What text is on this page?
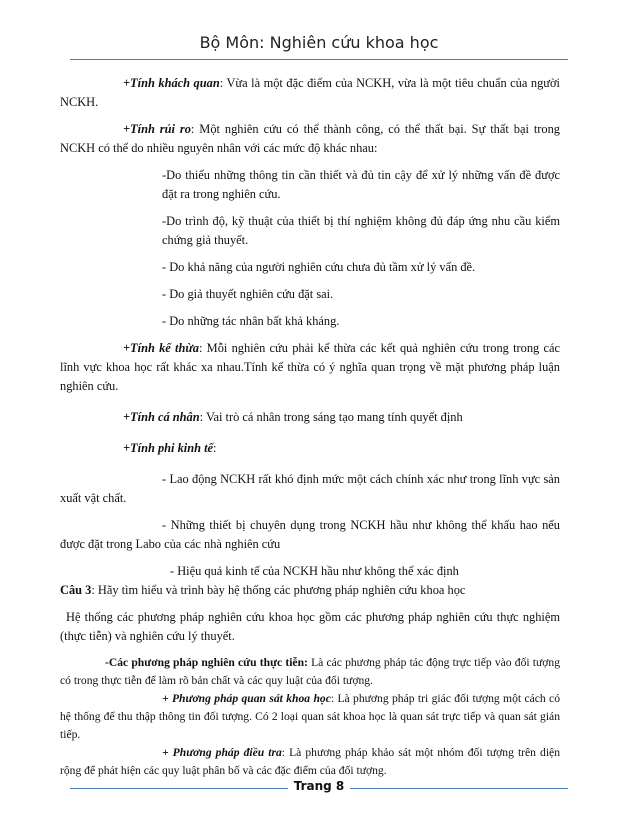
Bộ Môn: Nghiên cứu khoa học

+Tính khách quan: Vừa là một đặc điểm của NCKH, vừa là một tiêu chuẩn của người NCKH.

+Tính rủi ro: Một nghiên cứu có thể thành công, có thể thất bại. Sự thất bại trong NCKH có thể do nhiều nguyên nhân với các mức độ khác nhau:

-Do thiếu những thông tin cần thiết và đủ tin cậy để xử lý những vấn đề được đặt ra trong nghiên cứu.

-Do trình độ, kỹ thuật của thiết bị thí nghiệm không đủ đáp ứng nhu cầu kiểm chứng giả thuyết.

- Do khả năng của người nghiên cứu chưa đủ tầm xử lý vấn đề.

- Do giả thuyết nghiên cứu đặt sai.

- Do những tác nhân bất khả kháng.

+Tính kế thừa: Mỗi nghiên cứu phải kế thừa các kết quả nghiên cứu trong trong các lĩnh vực khoa học rất khác xa nhau.Tính kế thừa có ý nghĩa quan trọng về mặt phương pháp luận nghiên cứu.

+Tính cá nhân: Vai trò cá nhân trong sáng tạo mang tính quyết định

+Tính phi kinh tế:

- Lao động NCKH rất khó định mức một cách chính xác như trong lĩnh vực sản xuất vật chất.

- Những thiết bị chuyên dụng trong NCKH hầu như không thể khấu hao nếu được đặt trong Labo của các nhà nghiên cứu

- Hiệu quả kinh tế của NCKH hầu như không thể xác định

Câu 3: Hãy tìm hiểu và trình bày hệ thống các phương pháp nghiên cứu khoa học

Hệ thống các phương pháp nghiên cứu khoa học gồm các phương pháp nghiên cứu thực nghiệm (thực tiễn) và nghiên cứu lý thuyết.

-Các phương pháp nghiên cứu thực tiễn: Là các phương pháp tác động trực tiếp vào đối tượng có trong thực tiễn để làm rõ bản chất và các quy luật của đối tượng.

+ Phương pháp quan sát khoa học: Là phương pháp tri giác đối tượng một cách có hệ thống để thu thập thông tin đối tượng. Có 2 loại quan sát khoa học là quan sát trực tiếp và quan sát gián tiếp.

+ Phương pháp điều tra: Là phương pháp khảo sát một nhóm đối tượng trên diện rộng để phát hiện các quy luật phân bố và các đặc điểm của đối tượng.

Trang 8
